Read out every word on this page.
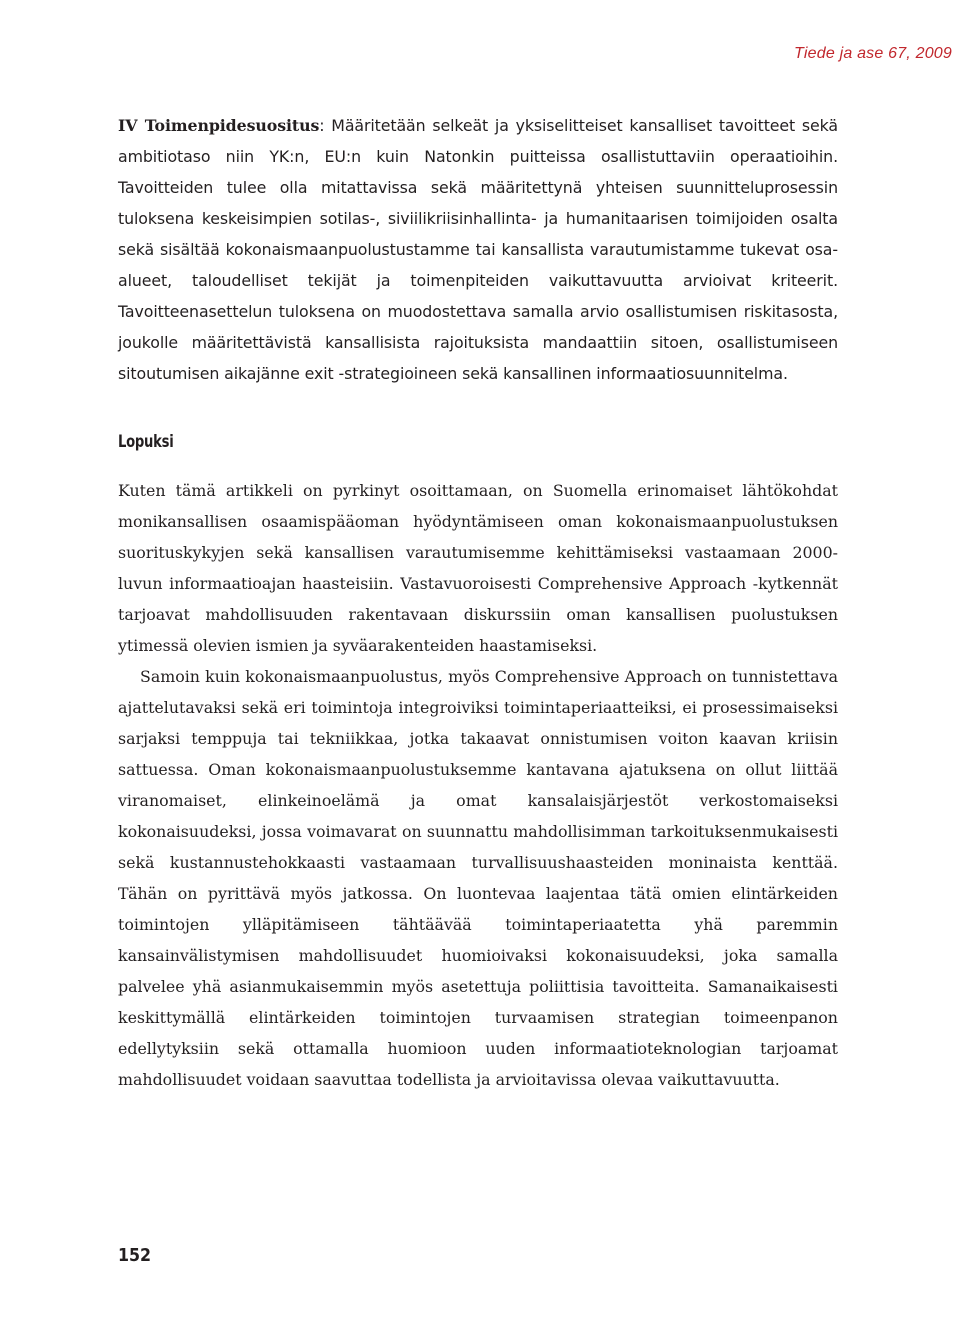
Tiede ja ase 67, 2009

IV Toimenpidesuositus: Määritetään selkeät ja yksiselitteiset kansalliset tavoitteet sekä ambitiotaso niin YK:n, EU:n kuin Natonkin puitteissa osallistuttaviin operaatioihin. Tavoitteiden tulee olla mitattavissa sekä määritettynä yhteisen suunnitteluprosessin tuloksena keskeisimpien sotilas-, siviilikriisinhallinta- ja humanitaarisen toimijoiden osalta sekä sisältää kokonaismaanpuolustustamme tai kansallista varautumistamme tukevat osa-alueet, taloudelliset tekijät ja toimenpiteiden vaikuttavuutta arvioivat kriteerit. Tavoitteenasettelun tuloksena on muodostettava samalla arvio osallistumisen riskitasosta, joukolle määritettävistä kansallisista rajoituksista mandaattiin sitoen, osallistumiseen sitoutumisen aikajänne exit -strategioineen sekä kansallinen informaatiosuunnitelma.

Lopuksi

Kuten tämä artikkeli on pyrkinyt osoittamaan, on Suomella erinomaiset lähtökohdat monikansallisen osaamispääoman hyödyntämiseen oman kokonaismaanpuolustuksen suorituskykyjen sekä kansallisen varautumisemme kehittämiseksi vastaamaan 2000-luvun informaatioajan haasteisiin. Vastavuoroisesti Comprehensive Approach -kytkennät tarjoavat mahdollisuuden rakentavaan diskurssiin oman kansallisen puolustuksen ytimessä olevien ismien ja syväarakenteiden haastamiseksi.

Samoin kuin kokonaismaanpuolustus, myös Comprehensive Approach on tunnistettava ajattelutavaksi sekä eri toimintoja integroiviksi toimintaperiaatteiksi, ei prosessimaiseksi sarjaksi temppuja tai tekniikkaa, jotka takaavat onnistumisen voiton kaavan kriisin sattuessa. Oman kokonaismaanpuolustuksemme kantavana ajatuksena on ollut liittää viranomaiset, elinkeinoelämä ja omat kansalaisjärjestöt verkostomaiseksi kokonaisuudeksi, jossa voimavarat on suunnattu mahdollisimman tarkoituksenmukaisesti sekä kustannustehokkaasti vastaamaan turvallisuushaasteiden moninaista kenttää. Tähän on pyrittävä myös jatkossa. On luontevaa laajentaa tätä omien elintärkeiden toimintojen ylläpitämiseen tähtäävää toimintaperiaatetta yhä paremmin kansainvälistymisen mahdollisuudet huomioivaksi kokonaisuudeksi, joka samalla palvelee yhä asianmukaisemmin myös asetettuja poliittisia tavoitteita. Samanaikaisesti keskittymällä elintärkeiden toimintojen turvaamisen strategian toimeenpanon edellytyksiin sekä ottamalla huomioon uuden informaatioteknologian tarjoamat mahdollisuudet voidaan saavuttaa todellista ja arvioitavissa olevaa vaikuttavuutta.

152
